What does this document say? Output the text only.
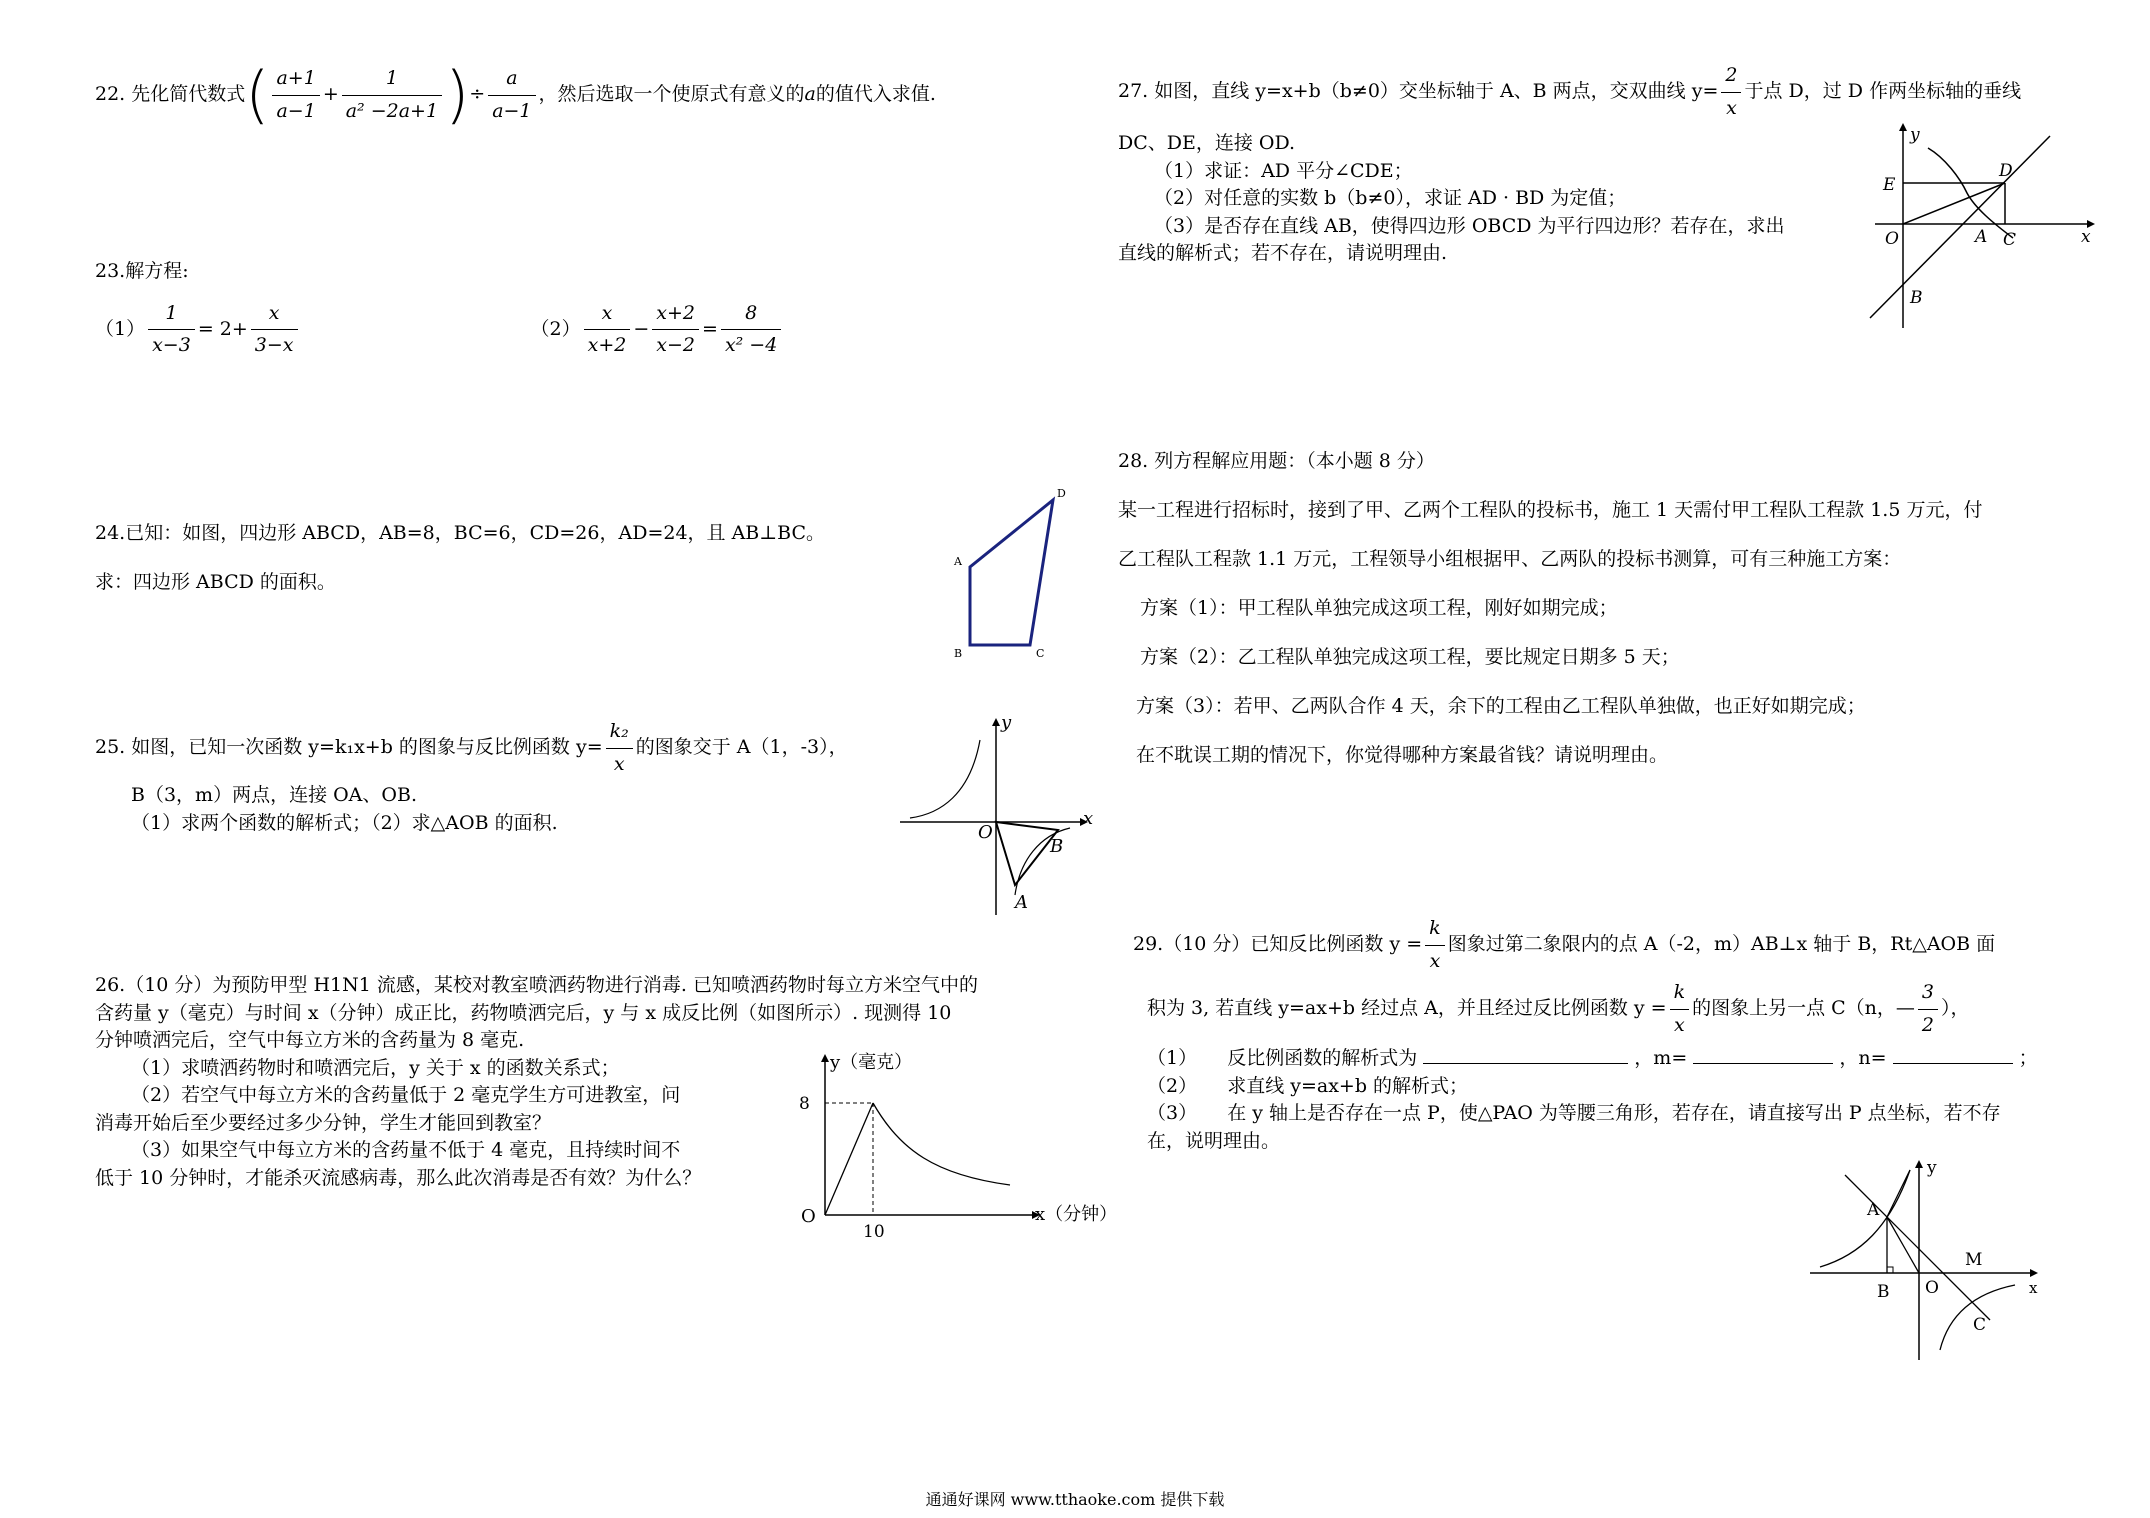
22. 先化简代数式 ( $\frac{a+1}{a-1} + \frac{1}{\text{a² −2a+1}}$ ) ÷ $\frac{a}{a-1}$ ，然后选取一个使原式有意义的 a 的值代入求值.
23.解方程:
$(1) \frac{1}{x-3} = 2+ \frac{x}{3-x}$	$(2) \frac{x}{x+2} - \frac{x+2}{x-2} = \frac{8}{\text{x² −4}}$
24.已知：如图，四边形 ABCD，AB=8，BC=6，CD=26，AD=24，且 AB⊥BC。
求：四边形 ABCD 的面积。
A
B	C
D
25. 如图，已知一次函数 y=k₁x+b 的图象与反比例函数 $y= \frac{\text{k₂}}{x}$ 的图象交于 A（1，-3），
B（3，m）两点，连接 OA、OB.
（1）求两个函数的解析式；（2）求△AOB 的面积.
y
x
O
A
B
26.（10 分）为预防甲型 H1N1 流感，某校对教室喷洒药物进行消毒. 已知喷洒药物时每立方米空气中的
含药量 y（毫克）与时间 x（分钟）成正比，药物喷洒完后，y 与 x 成反比例（如图所示）. 现测得 10
分钟喷洒完后，空气中每立方米的含药量为 8 毫克.
（1）求喷洒药物时和喷洒完后，y 关于 x 的函数关系式；
（2）若空气中每立方米的含药量低于 2 毫克学生方可进教室，问
消毒开始后至少要经过多少分钟，学生才能回到教室？
（3）如果空气中每立方米的含药量不低于 4 毫克，且持续时间不
低于 10 分钟时，才能杀灭流感病毒，那么此次消毒是否有效？为什么？
y（毫克）
x（分钟）
O
10
8
27. 如图，直线 y=x+b（b≠0）交坐标轴于 A、B 两点，交双曲线 $y= \frac{2}{x}$ 于点 D，过 D 作两坐标轴的垂线
DC、DE，连接 OD.
（1）求证：AD 平分∠CDE；
（2）对任意的实数 b（b≠0），求证 AD · BD 为定值；
（3）是否存在直线 AB，使得四边形 OBCD 为平行四边形？若存在，求出
直线的解析式；若不存在，请说明理由.
y
x
O	A
B
C
D
E
28. 列方程解应用题：（本小题 8 分）
某一工程进行招标时，接到了甲、乙两个工程队的投标书，施工 1 天需付甲工程队工程款 1.5 万元，付
乙工程队工程款 1.1 万元，工程领导小组根据甲、乙两队的投标书测算，可有三种施工方案：
方案（1）：甲工程队单独完成这项工程，刚好如期完成；
方案（2）：乙工程队单独完成这项工程，要比规定日期多 5 天；
方案（3）：若甲、乙两队合作 4 天，余下的工程由乙工程队单独做，也正好如期完成；
在不耽误工期的情况下，你觉得哪种方案最省钱？请说明理由。
29.（10 分）已知反比例函数 $y = \frac{k}{x}$ 图象过第二象限内的点 A（-2，m）AB⊥x 轴于 B，Rt△AOB 面
积为 3, 若直线 y=ax+b 经过点 A，并且经过反比例函数 $y = \frac{k}{x}$ 的图象上另一点 C（n，— $\frac{3}{2}$ ），
（1） 反比例函数的解析式为	，m=	，n=	；
（2） 求直线 y=ax+b 的解析式；
（3） 在 y 轴上是否存在一点 P，使△PAO 为等腰三角形，若存在，请直接写出 P 点坐标，若不存
在，说明理由。
y
x
O
A
B
C
M
通通好课网 www.tthaoke.com 提供下载
